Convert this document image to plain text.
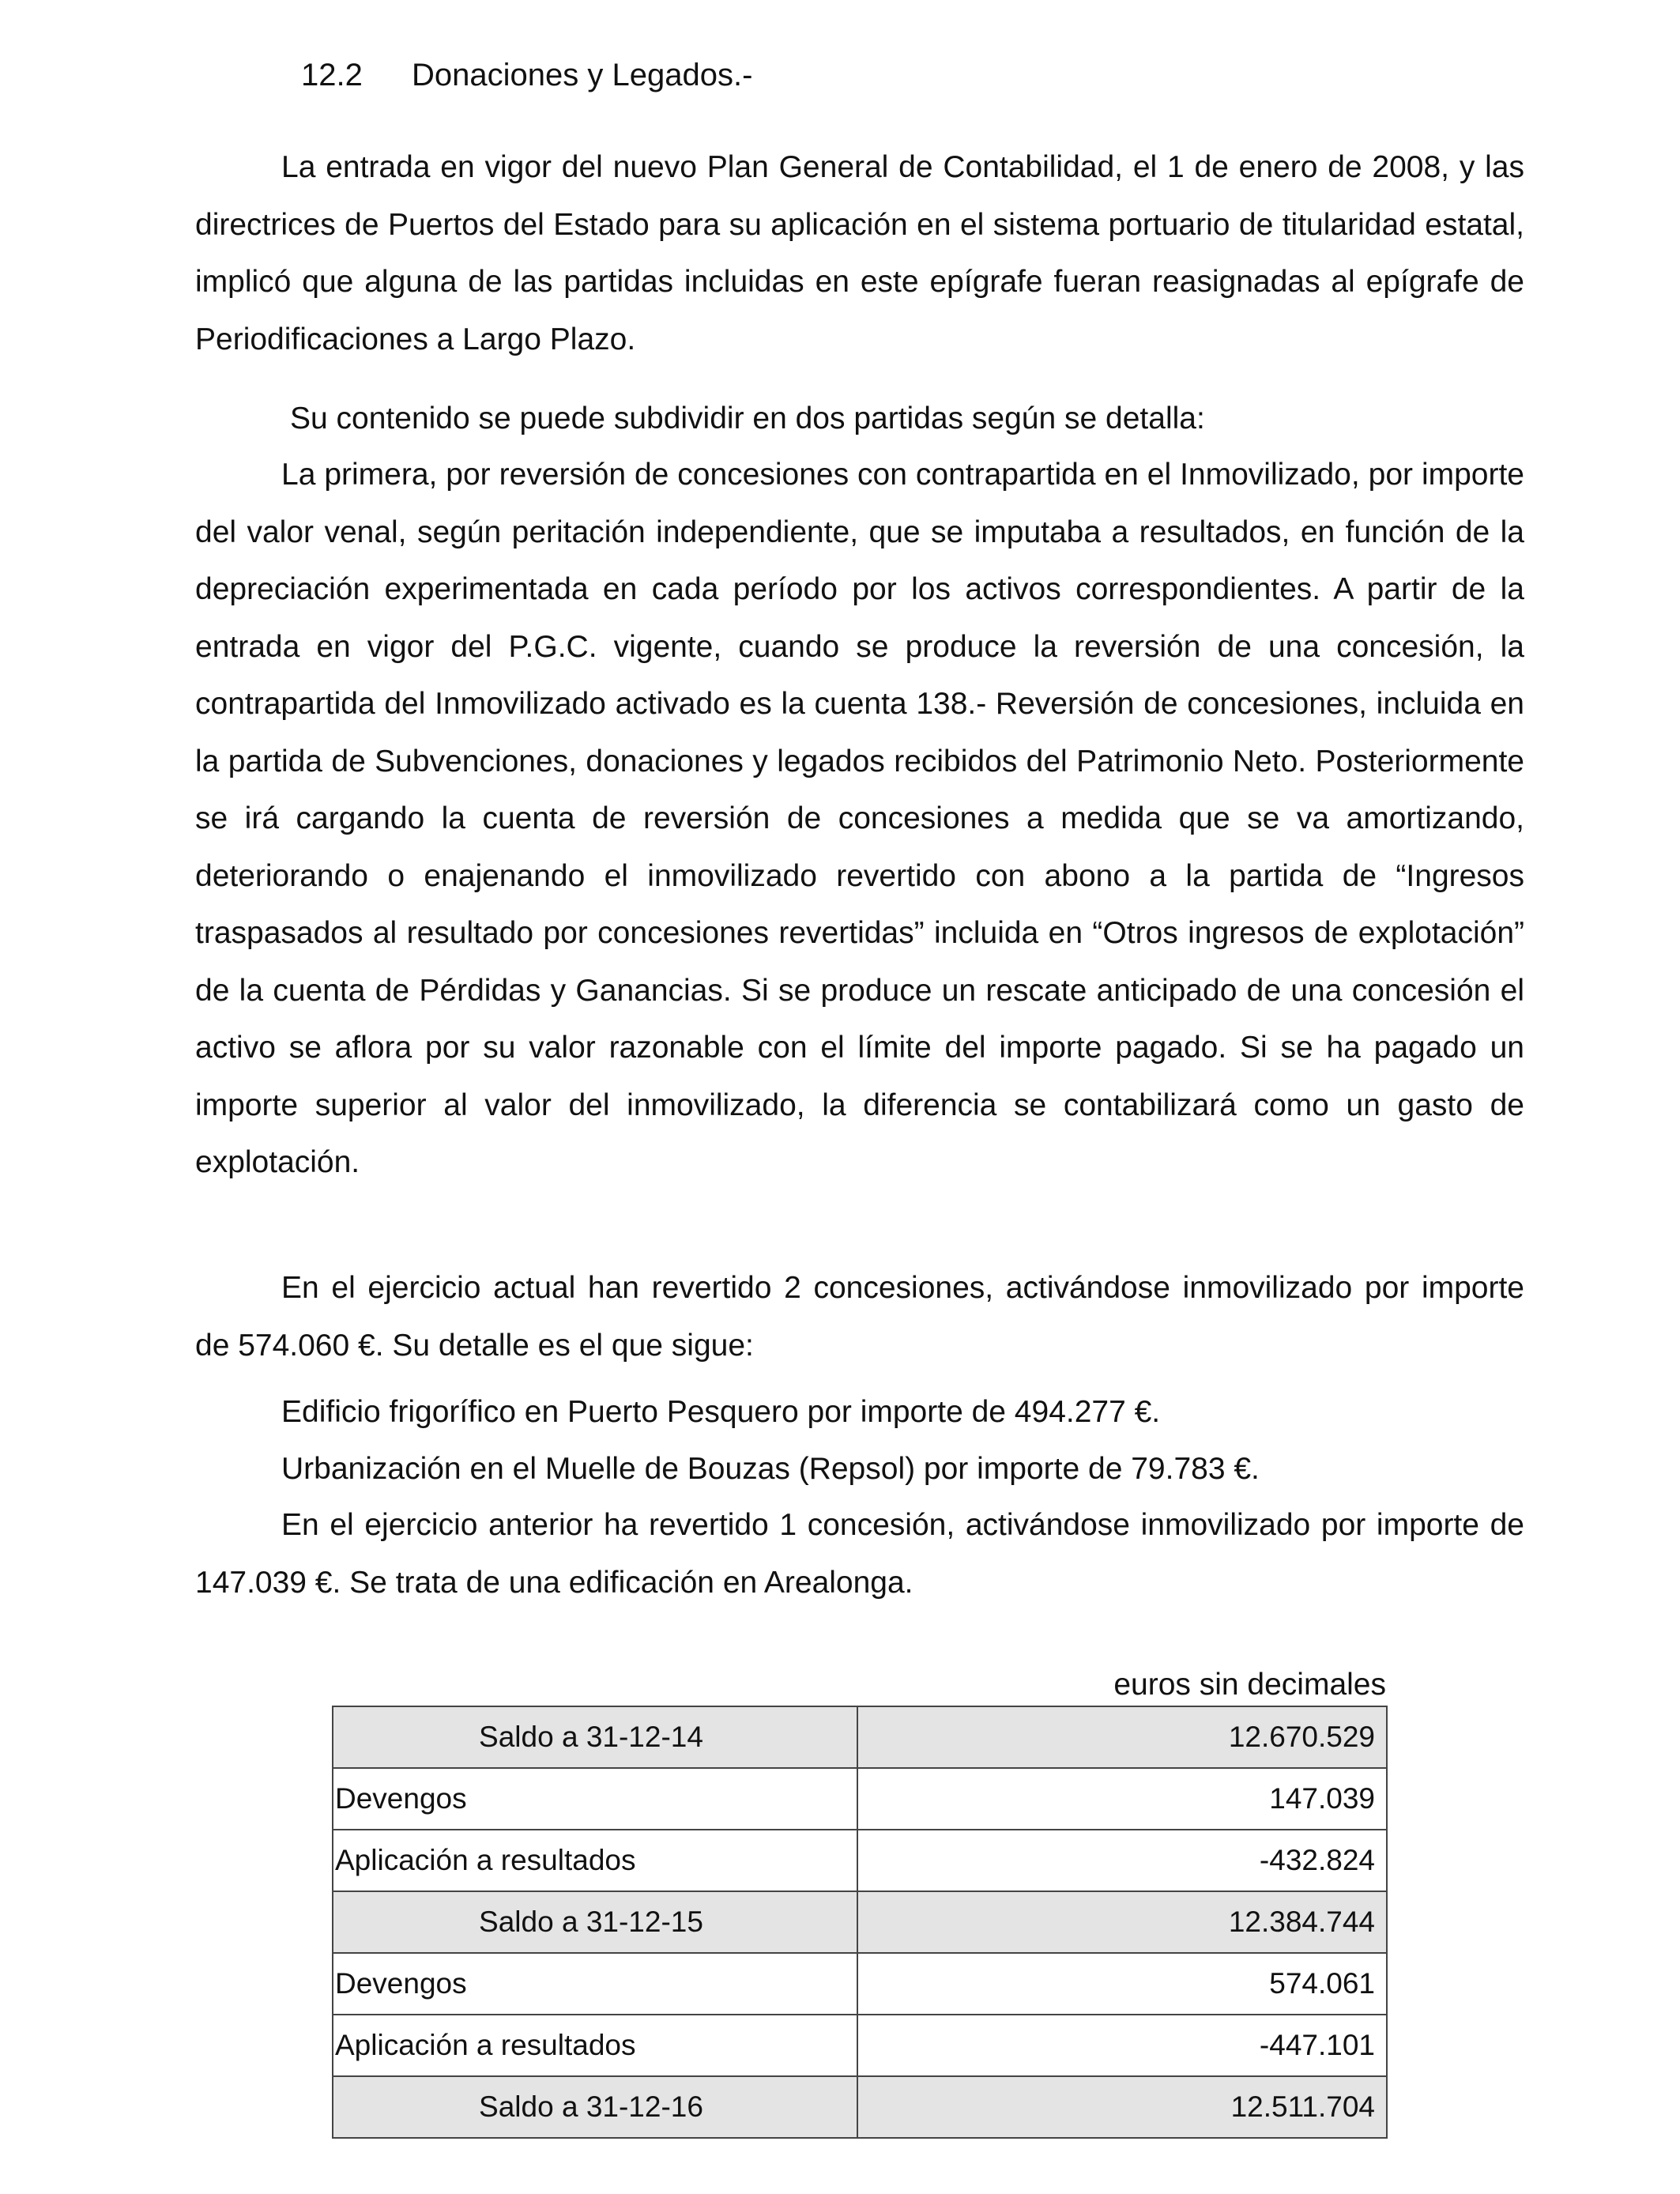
12.2 Donaciones y Legados.-

La entrada en vigor del nuevo Plan General de Contabilidad, el 1 de enero de 2008, y las directrices de Puertos del Estado para su aplicación en el sistema portuario de titularidad estatal, implicó que alguna de las partidas incluidas en este epígrafe fueran reasignadas al epígrafe de Periodificaciones a Largo Plazo.

Su contenido se puede subdividir en dos partidas según se detalla:

La primera, por reversión de concesiones con contrapartida en el Inmovilizado, por importe del valor venal, según peritación independiente, que se imputaba a resultados, en función de la depreciación experimentada en cada período por los activos correspondientes. A partir de la entrada en vigor del P.G.C. vigente, cuando se produce la reversión de una concesión, la contrapartida del Inmovilizado activado es la cuenta 138.- Reversión de concesiones, incluida en la partida de Subvenciones, donaciones y legados recibidos del Patrimonio Neto. Posteriormente se irá cargando la cuenta de reversión de concesiones a medida que se va amortizando, deteriorando o enajenando el inmovilizado revertido con abono a la partida de “Ingresos traspasados al resultado por concesiones revertidas” incluida en “Otros ingresos de explotación” de la cuenta de Pérdidas y Ganancias. Si se produce un rescate anticipado de una concesión el activo se aflora por su valor razonable con el límite del importe pagado. Si se ha pagado un importe superior al valor del inmovilizado, la diferencia se contabilizará como un gasto de explotación.

En el ejercicio actual han revertido 2 concesiones, activándose inmovilizado por importe de 574.060 €. Su detalle es el que sigue:

Edificio frigorífico en Puerto Pesquero por importe de 494.277 €.

Urbanización en el Muelle de Bouzas (Repsol) por importe de 79.783 €.

En el ejercicio anterior ha revertido 1 concesión, activándose inmovilizado por importe de 147.039 €. Se trata de una edificación en Arealonga.

euros sin decimales
Saldo a 31-12-14	12.670.529
Devengos	147.039
Aplicación a resultados	-432.824
Saldo a 31-12-15	12.384.744
Devengos	574.061
Aplicación a resultados	-447.101
Saldo a 31-12-16	12.511.704
